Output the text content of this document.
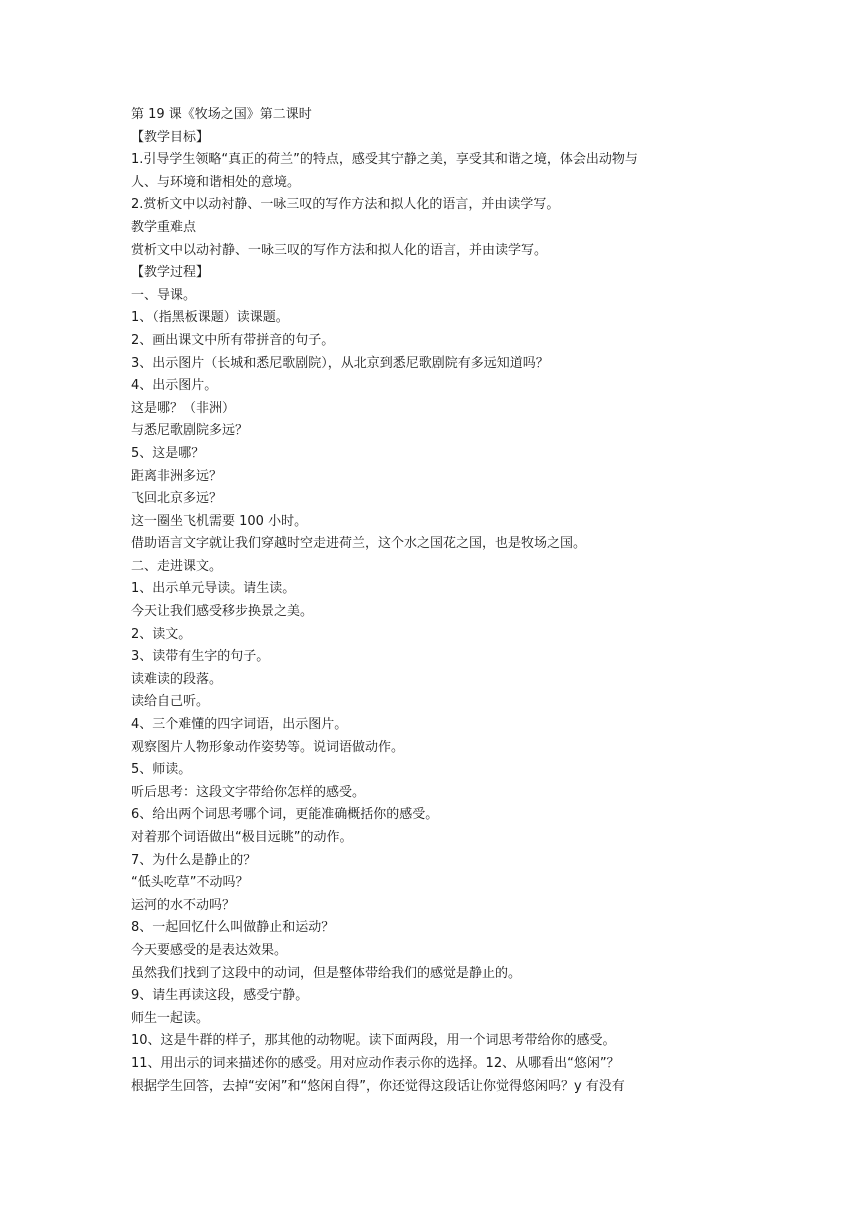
第 19 课《牧场之国》第二课时
【教学目标】
1.引导学生领略“真正的荷兰”的特点，感受其宁静之美，享受其和谐之境，体会出动物与
人、与环境和谐相处的意境。
2.赏析文中以动衬静、一咏三叹的写作方法和拟人化的语言，并由读学写。
教学重难点
赏析文中以动衬静、一咏三叹的写作方法和拟人化的语言，并由读学写。
【教学过程】
一、导课。
1、（指黑板课题）读课题。
2、画出课文中所有带拼音的句子。
3、出示图片（长城和悉尼歌剧院），从北京到悉尼歌剧院有多远知道吗？
4、出示图片。
这是哪？（非洲）
与悉尼歌剧院多远？
5、这是哪？
距离非洲多远？
飞回北京多远？
这一圈坐飞机需要 100 小时。
借助语言文字就让我们穿越时空走进荷兰，这个水之国花之国，也是牧场之国。
二、走进课文。
1、出示单元导读。请生读。
今天让我们感受移步换景之美。
2、读文。
3、读带有生字的句子。
读难读的段落。
读给自己听。
4、三个难懂的四字词语，出示图片。
观察图片人物形象动作姿势等。说词语做动作。
5、师读。
听后思考：这段文字带给你怎样的感受。
6、给出两个词思考哪个词，更能准确概括你的感受。
对着那个词语做出“极目远眺”的动作。
7、为什么是静止的？
“低头吃草”不动吗？
运河的水不动吗？
8、一起回忆什么叫做静止和运动？
今天要感受的是表达效果。
虽然我们找到了这段中的动词，但是整体带给我们的感觉是静止的。
9、请生再读这段，感受宁静。
师生一起读。
10、这是牛群的样子，那其他的动物呢。读下面两段，用一个词思考带给你的感受。
11、用出示的词来描述你的感受。用对应动作表示你的选择。12、从哪看出“悠闲”？
根据学生回答，去掉“安闲”和“悠闲自得”，你还觉得这段话让你觉得悠闲吗？y 有没有
